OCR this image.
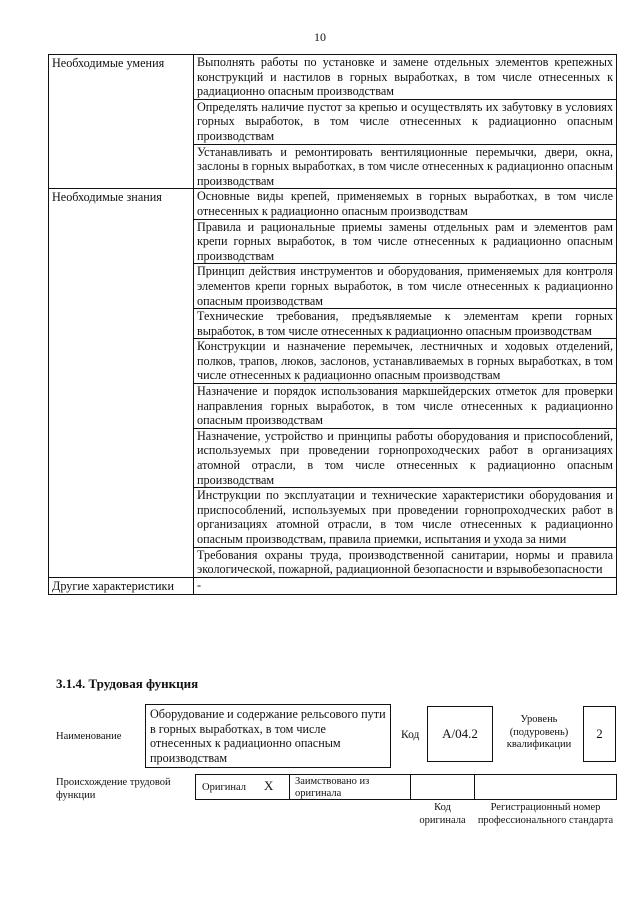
10
Необходимые умения	Выполнять работы по установке и замене отдельных элементов крепежных конструкций и настилов в горных выработках, в том числе отнесенных к радиационно опасным производствам
	Определять наличие пустот за крепью и осуществлять их забутовку в условиях горных выработок, в том числе отнесенных к радиационно опасным производствам
	Устанавливать и ремонтировать вентиляционные перемычки, двери, окна, заслоны в горных выработках, в том числе отнесенных к радиационно опасным производствам
Необходимые знания	Основные виды крепей, применяемых в горных выработках, в том числе отнесенных к радиационно опасным производствам
	Правила и рациональные приемы замены отдельных рам и элементов рам крепи горных выработок, в том числе отнесенных к радиационно опасным производствам
	Принцип действия инструментов и оборудования, применяемых для контроля элементов крепи горных выработок, в том числе отнесенных к радиационно опасным производствам
	Технические требования, предъявляемые к элементам крепи горных выработок, в том числе отнесенных к радиационно опасным производствам
	Конструкции и назначение перемычек, лестничных и ходовых отделений, полков, трапов, люков, заслонов, устанавливаемых в горных выработках, в том числе отнесенных к радиационно опасным производствам
	Назначение и порядок использования маркшейдерских отметок для проверки направления горных выработок, в том числе отнесенных к радиационно опасным производствам
	Назначение, устройство и принципы работы оборудования и приспособлений, используемых при проведении горнопроходческих работ в организациях атомной отрасли, в том числе отнесенных к радиационно опасным производствам
	Инструкции по эксплуатации и технические характеристики оборудования и приспособлений, используемых при проведении горнопроходческих работ в организациях атомной отрасли, в том числе отнесенных к радиационно опасным производствам, правила приемки, испытания и ухода за ними
	Требования охраны труда, производственной санитарии, нормы и правила экологической, пожарной, радиационной безопасности и взрывобезопасности
Другие характеристики	-
3.1.4. Трудовая функция
Наименование
Оборудование и содержание рельсового пути в горных выработках, в том числе отнесенных к радиационно опасным производствам
Код	А/04.2
Уровень (подуровень) квалификации
2
Происхождение трудовой функции
Оригинал X	Заимствовано из оригинала
Код оригинала
Регистрационный номер профессионального стандарта
